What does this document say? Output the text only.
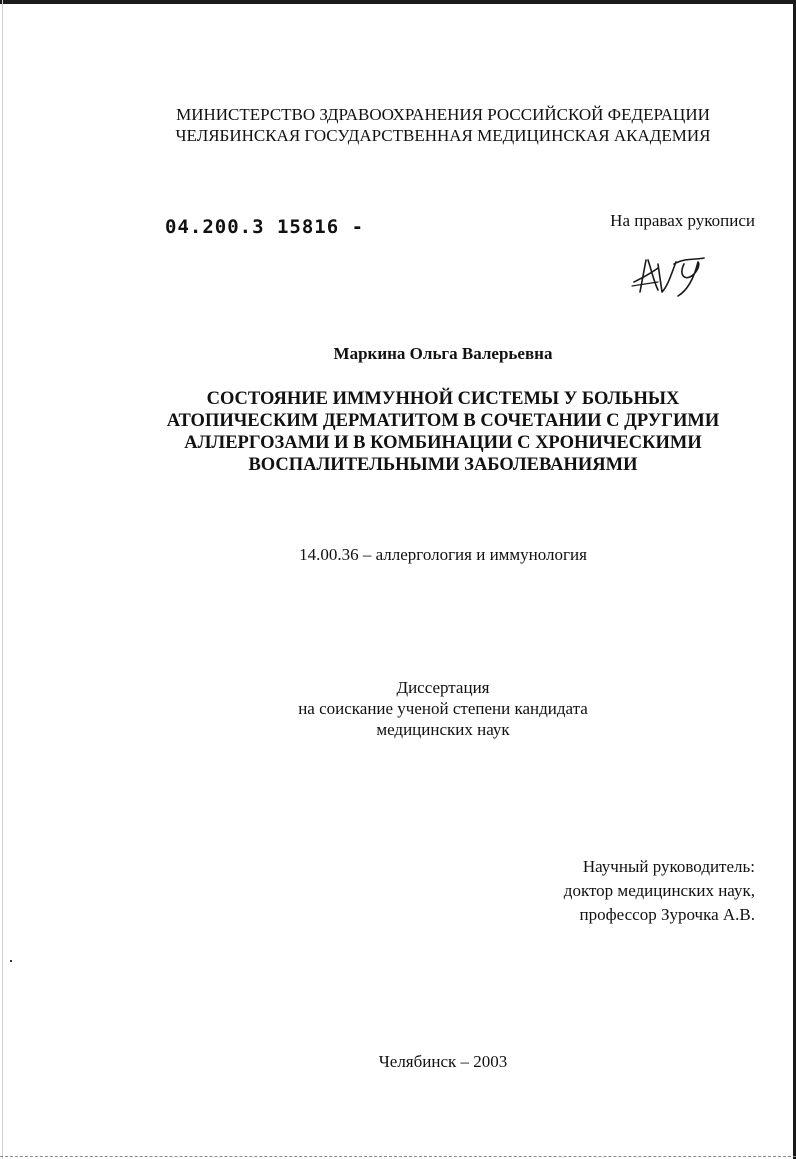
МИНИСТЕРСТВО ЗДРАВООХРАНЕНИЯ РОССИЙСКОЙ ФЕДЕРАЦИИ
ЧЕЛЯБИНСКАЯ ГОСУДАРСТВЕННАЯ МЕДИЦИНСКАЯ АКАДЕМИЯ
04.200.3 15816 -	На правах рукописи
Маркина Ольга Валерьевна
СОСТОЯНИЕ ИММУННОЙ СИСТЕМЫ У БОЛЬНЫХ
АТОПИЧЕСКИМ ДЕРМАТИТОМ В СОЧЕТАНИИ С ДРУГИМИ
АЛЛЕРГОЗАМИ И В КОМБИНАЦИИ С ХРОНИЧЕСКИМИ
ВОСПАЛИТЕЛЬНЫМИ ЗАБОЛЕВАНИЯМИ
14.00.36 – аллергология и иммунология
Диссертация
на соискание ученой степени кандидата
медицинских наук
Научный руководитель:
доктор медицинских наук,
профессор Зурочка А.В.
Челябинск – 2003
